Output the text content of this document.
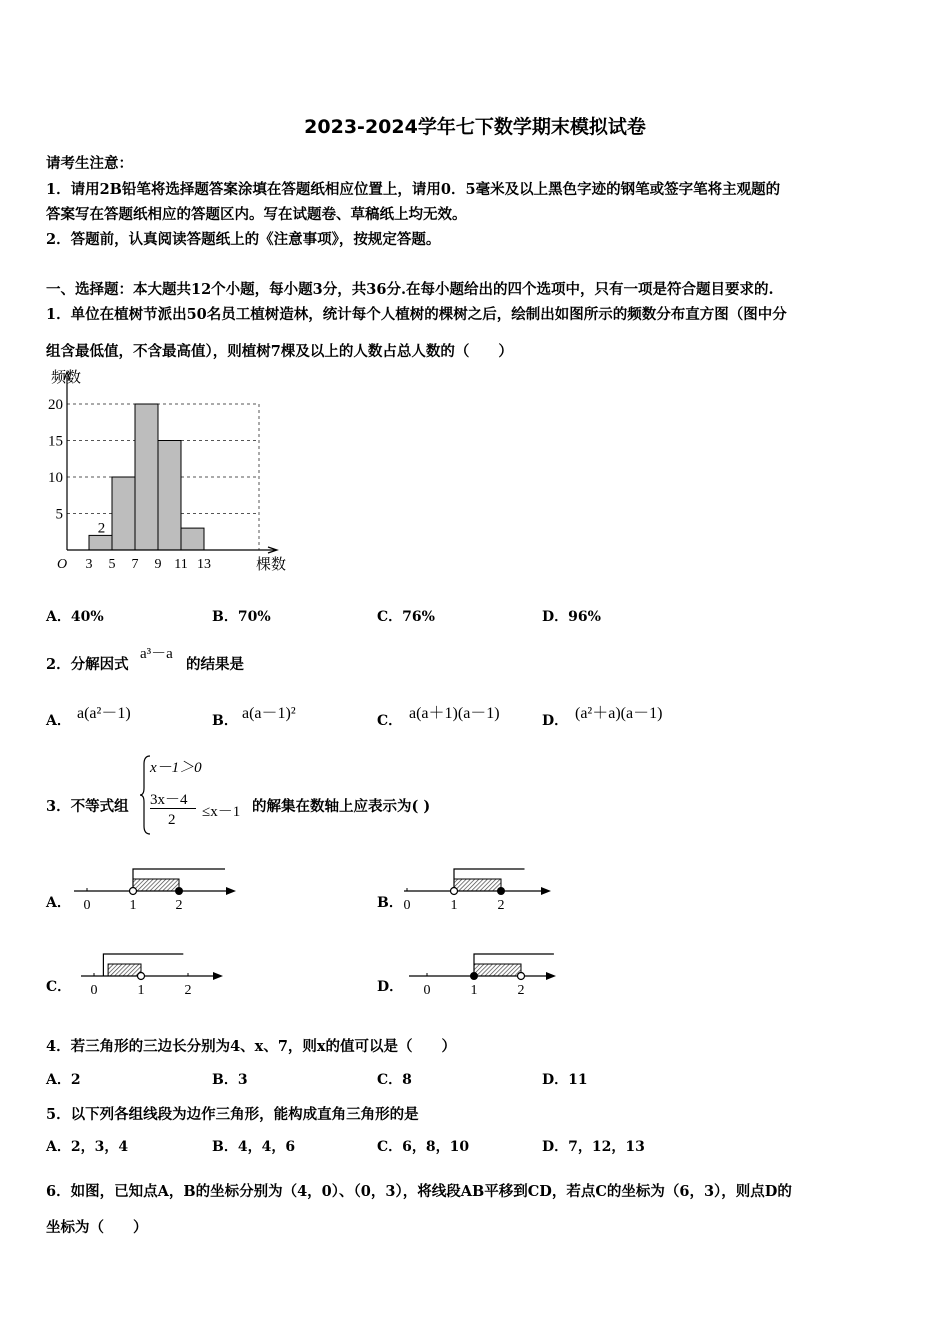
2023-2024学年七下数学期末模拟试卷
请考生注意：
1．请用2B铅笔将选择题答案涂填在答题纸相应位置上，请用0．5毫米及以上黑色字迹的钢笔或签字笔将主观题的
答案写在答题纸相应的答题区内。写在试题卷、草稿纸上均无效。
2．答题前，认真阅读答题纸上的《注意事项》，按规定答题。
一、选择题：本大题共12个小题，每小题3分，共36分.在每小题给出的四个选项中，只有一项是符合题目要求的.
1．单位在植树节派出50名员工植树造林，统计每个人植树的棵树之后，绘制出如图所示的频数分布直方图（图中分
组含最低值，不含最高值），则植树7棵及以上的人数占总人数的（　　）
频数
棵数
5
10
15
20
O 3 5 7 9 11 13
2
A．40%	B．70%	C．76%	D．96%
2．分解因式
a³－a
的结果是
A． a(a²－1)	B． a(a－1)²	C． a(a＋1)(a－1)	D． (a²＋a)(a－1)
3．不等式组
x－1＞0
3x－4
2 ≤x－1 的解集在数轴上应表示为( )
A．	B．
C．	D．
0	1	2	0	1	2
0	1	2	0	1	2
4．若三角形的三边长分别为4、x、7，则x的值可以是（　　）
A．2	B．3	C．8	D．11
5．以下列各组线段为边作三角形，能构成直角三角形的是
A．2，3，4	B．4，4，6	C．6，8，10	D．7，12，13
6．如图，已知点A，B的坐标分别为（4，0）、（0，3），将线段AB平移到CD，若点C的坐标为（6，3），则点D的
坐标为（　　）
